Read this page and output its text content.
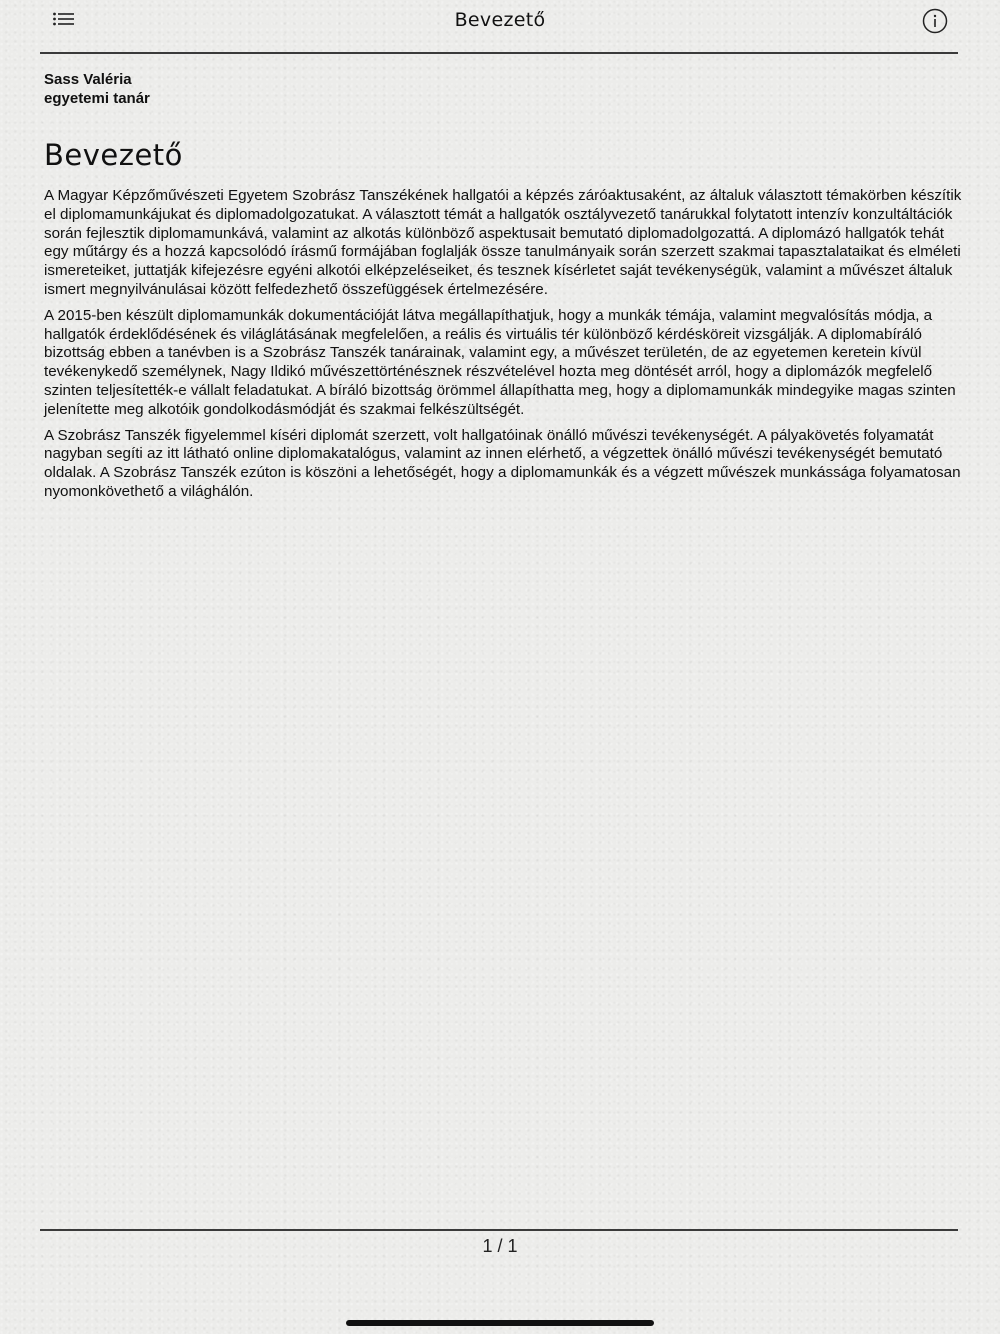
Bevezető
Sass Valéria
egyetemi tanár
Bevezető

A Magyar Képzőművészeti Egyetem Szobrász Tanszékének hallgatói a képzés záróaktusaként, az általuk választott témakörben készítik el diplomamunkájukat és diplomadolgozatukat. A választott témát a hallgatók osztályvezető tanárukkal folytatott intenzív konzultáltációk során fejlesztik diplomamunkává, valamint az alkotás különböző aspektusait bemutató diplomadolgozattá. A diplomázó hallgatók tehát egy műtárgy és a hozzá kapcsolódó írásmű formájában foglalják össze tanulmányaik során szerzett szakmai tapasztalataikat és elméleti ismereteiket, juttatják kifejezésre egyéni alkotói elképzeléseiket, és tesznek kísérletet saját tevékenységük, valamint a művészet általuk ismert megnyilvánulásai között felfedezhető összefüggések értelmezésére.

A 2015-ben készült diplomamunkák dokumentációját látva megállapíthatjuk, hogy a munkák témája, valamint megvalósítás módja, a hallgatók érdeklődésének és világlátásának megfelelően, a reális és virtuális tér különböző kérdésköreit vizsgálják. A diplomabíráló bizottság ebben a tanévben is a Szobrász Tanszék tanárainak, valamint egy, a művészet területén, de az egyetemen keretein kívül tevékenykedő személynek, Nagy Ildikó művészettörténésznek részvételével hozta meg döntését arról, hogy a diplomázók megfelelő szinten teljesítették-e vállalt feladatukat. A bíráló bizottság örömmel állapíthatta meg, hogy a diplomamunkák mindegyike magas szinten jelenítette meg alkotóik gondolkodásmódját és szakmai felkészültségét.

A Szobrász Tanszék figyelemmel kíséri diplomát szerzett, volt hallgatóinak önálló művészi tevékenységét. A pályakövetés folyamatát nagyban segíti az itt látható online diplomakatalógus, valamint az innen elérhető, a végzettek önálló művészi tevékenységét bemutató oldalak. A Szobrász Tanszék ezúton is köszöni a lehetőségét, hogy a diplomamunkák és a végzett művészek munkássága folyamatosan nyomonkövethető a világhálón.

1 / 1
